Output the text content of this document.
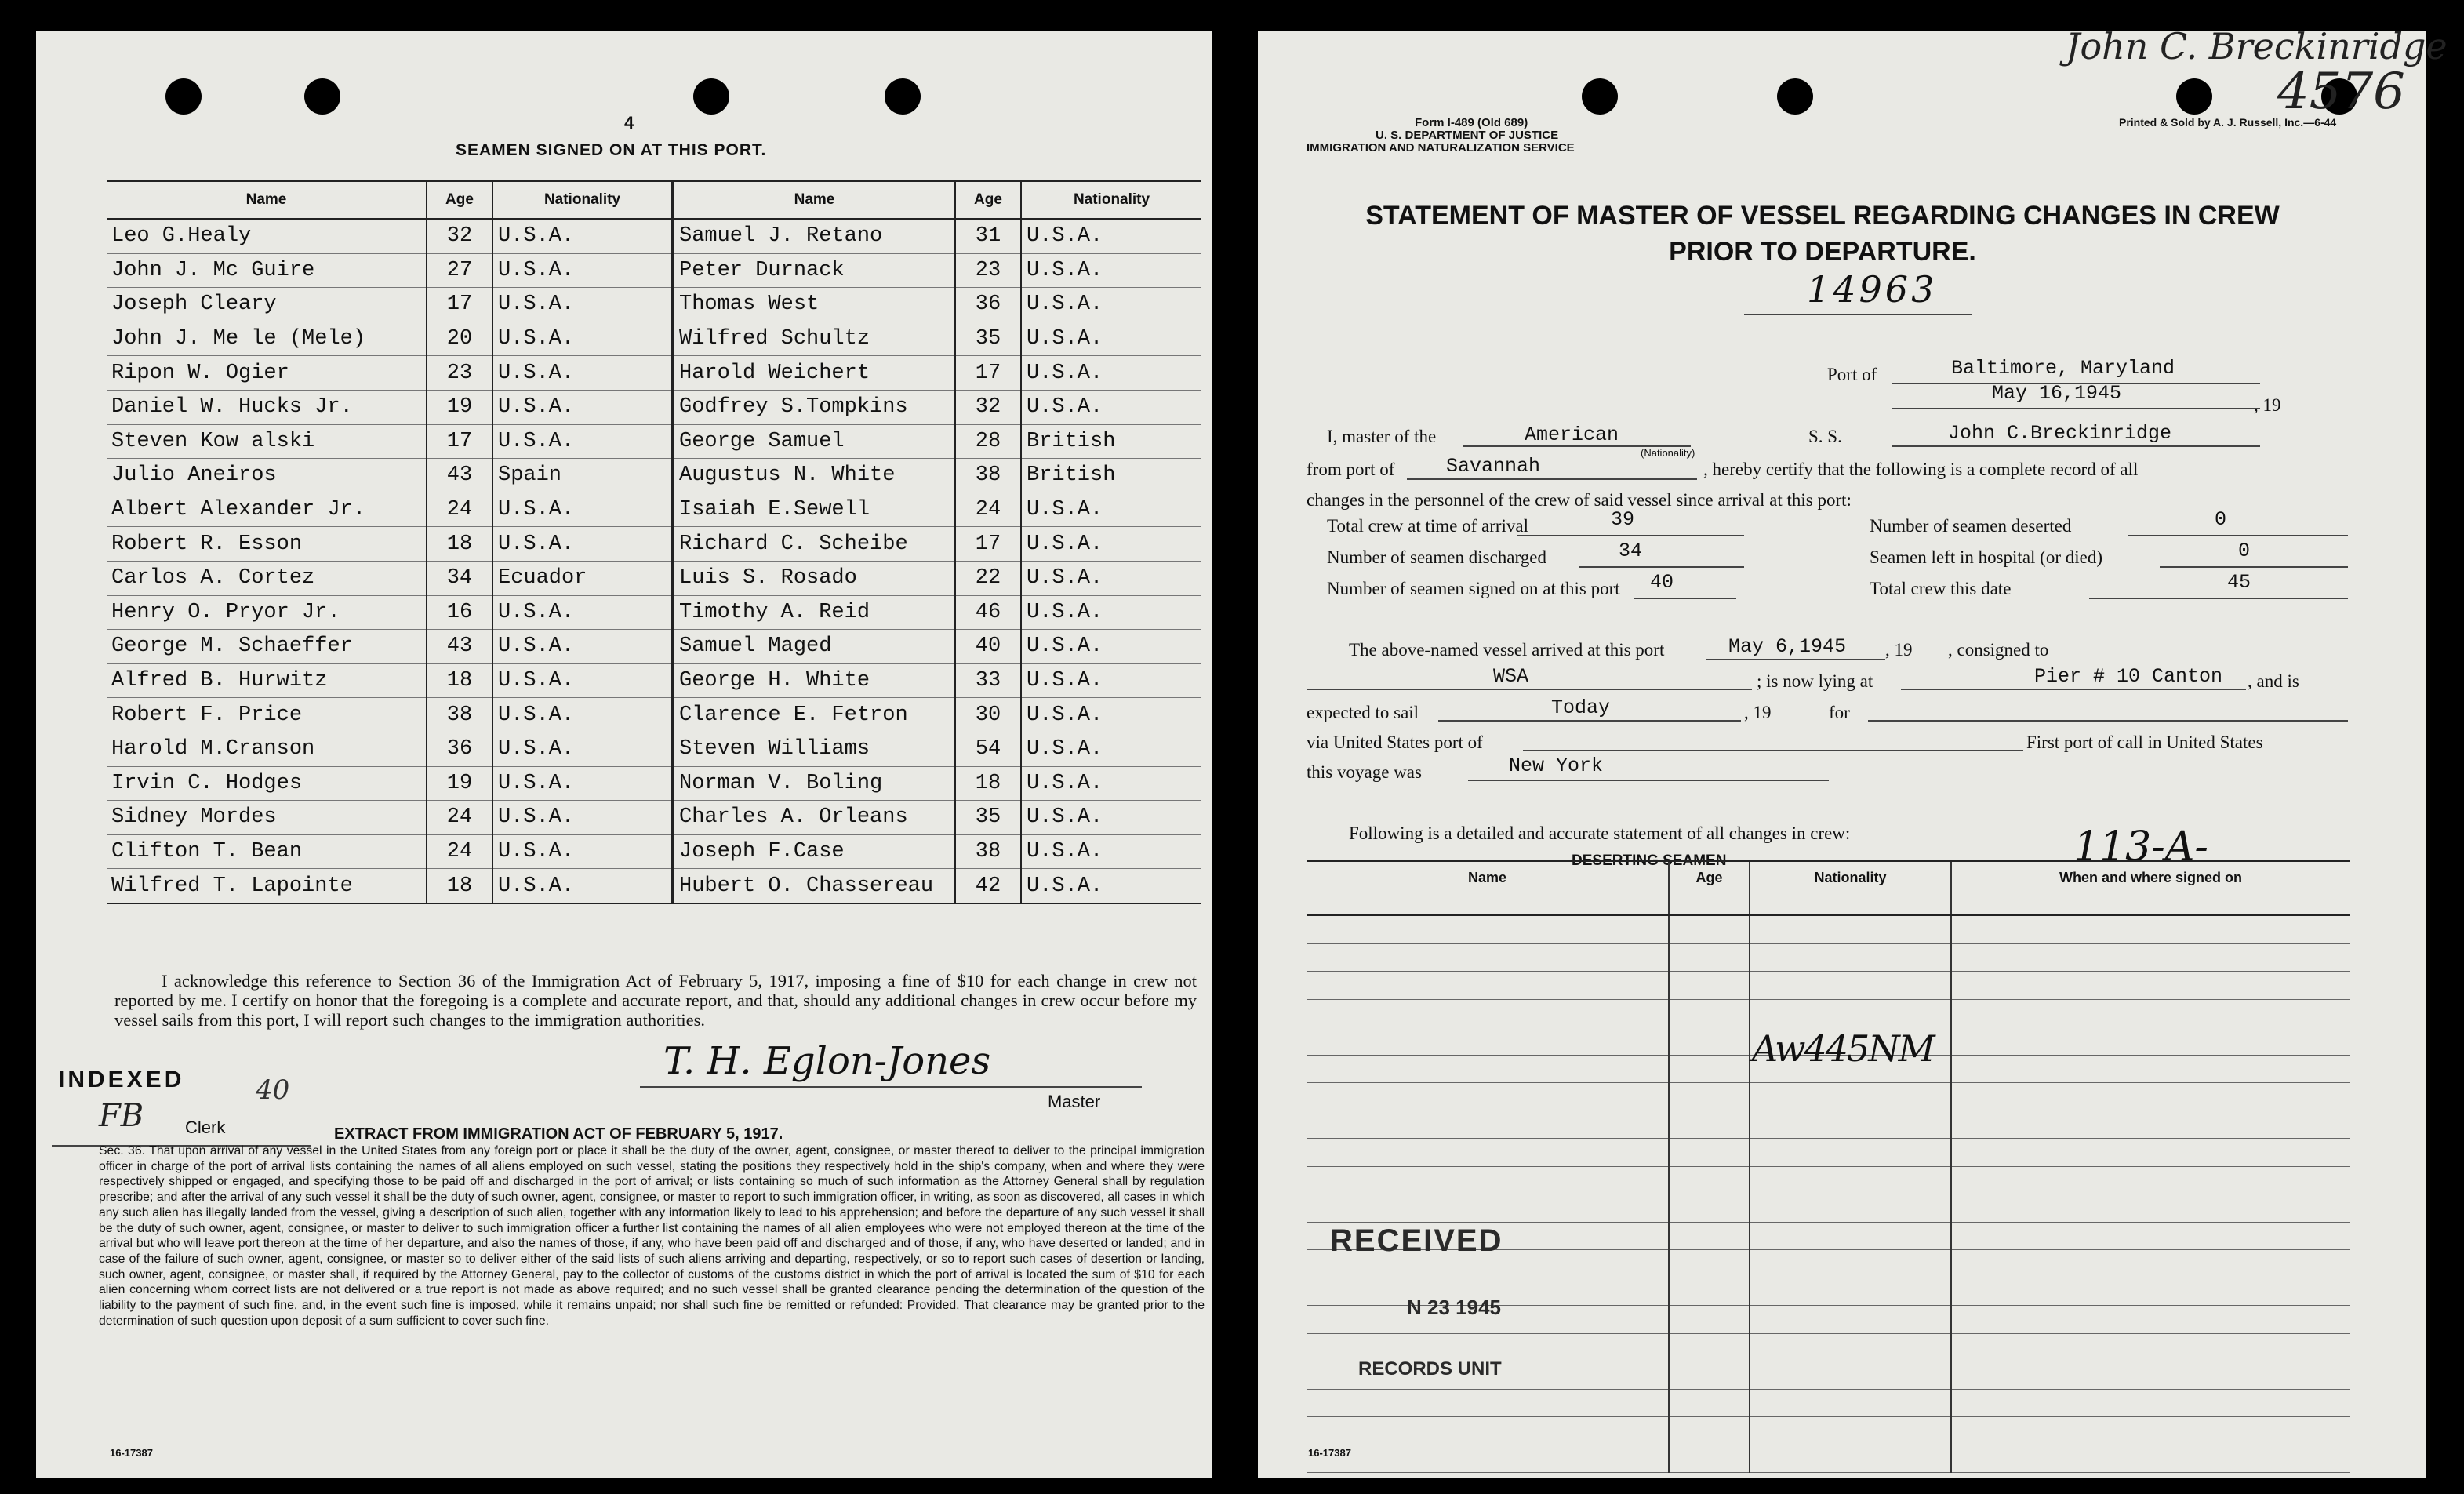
4
SEAMEN SIGNED ON AT THIS PORT.
Name	Age	Nationality	Name	Age	Nationality
Leo G.Healy	32	U.S.A.	Samuel J. Retano	31	U.S.A.
John J. Mc Guire	27	U.S.A.	Peter Durnack	23	U.S.A.
Joseph Cleary	17	U.S.A.	Thomas West	36	U.S.A.
John J. Me le (Mele)	20	U.S.A.	Wilfred Schultz	35	U.S.A.
Ripon W. Ogier	23	U.S.A.	Harold Weichert	17	U.S.A.
Daniel W. Hucks Jr.	19	U.S.A.	Godfrey S.Tompkins	32	U.S.A.
Steven Kow alski	17	U.S.A.	George Samuel	28	British
Julio Aneiros	43	Spain	Augustus N. White	38	British
Albert Alexander Jr.	24	U.S.A.	Isaiah E.Sewell	24	U.S.A.
Robert R. Esson	18	U.S.A.	Richard C. Scheibe	17	U.S.A.
Carlos A. Cortez	34	Ecuador	Luis S. Rosado	22	U.S.A.
Henry O. Pryor Jr.	16	U.S.A.	Timothy A. Reid	46	U.S.A.
George M. Schaeffer	43	U.S.A.	Samuel Maged	40	U.S.A.
Alfred B. Hurwitz	18	U.S.A.	George H. White	33	U.S.A.
Robert F. Price	38	U.S.A.	Clarence E. Fetron	30	U.S.A.
Harold M.Cranson	36	U.S.A.	Steven Williams	54	U.S.A.
Irvin C. Hodges	19	U.S.A.	Norman V. Boling	18	U.S.A.
Sidney Mordes	24	U.S.A.	Charles A. Orleans	35	U.S.A.
Clifton T. Bean	24	U.S.A.	Joseph F.Case	38	U.S.A.
Wilfred T. Lapointe	18	U.S.A.	Hubert O. Chassereau	42	U.S.A.
I acknowledge this reference to Section 36 of the Immigration Act of February 5, 1917, imposing a fine of $10 for each change in crew not reported by me. I certify on honor that the foregoing is a complete and accurate report, and that, should any additional changes in crew occur before my vessel sails from this port, I will report such changes to the immigration authorities.
INDEXED
FB Clerk
40
T. H. Eglon-Jones
Master
EXTRACT FROM IMMIGRATION ACT OF FEBRUARY 5, 1917.
Sec. 36. That upon arrival of any vessel in the United States from any foreign port or place it shall be the duty of the owner, agent, consignee, or master thereof to deliver to the principal immigration officer in charge of the port of arrival lists containing the names of all aliens employed on such vessel, stating the positions they respectively hold in the ship's company, when and where they were respectively shipped or engaged, and specifying those to be paid off and discharged in the port of arrival; or lists containing so much of such information as the Attorney General shall by regulation prescribe; and after the arrival of any such vessel it shall be the duty of such owner, agent, consignee, or master to report to such immigration officer, in writing, as soon as discovered, all cases in which any such alien has illegally landed from the vessel, giving a description of such alien, together with any information likely to lead to his apprehension; and before the departure of any such vessel it shall be the duty of such owner, agent, consignee, or master to deliver to such immigration officer a further list containing the names of all alien employees who were not employed thereon at the time of the arrival but who will leave port thereon at the time of her departure, and also the names of those, if any, who have been paid off and discharged and of those, if any, who have deserted or landed; and in case of the failure of such owner, agent, consignee, or master so to deliver either of the said lists of such aliens arriving and departing, respectively, or so to report such cases of desertion or landing, such owner, agent, consignee, or master shall, if required by the Attorney General, pay to the collector of customs of the customs district in which the port of arrival is located the sum of $10 for each alien concerning whom correct lists are not delivered or a true report is not made as above required; and no such vessel shall be granted clearance pending the determination of the question of the liability to the payment of such fine, and, in the event such fine is imposed, while it remains unpaid; nor shall such fine be remitted or refunded: Provided, That clearance may be granted prior to the determination of such question upon deposit of a sum sufficient to cover such fine.
16-17387
John C. Breckinridge
4576
Form I-489 (Old 689)
U. S. DEPARTMENT OF JUSTICE
IMMIGRATION AND NATURALIZATION SERVICE
Printed & Sold by A. J. Russell, Inc.—6-44
STATEMENT OF MASTER OF VESSEL REGARDING CHANGES IN CREW
PRIOR TO DEPARTURE.
14963
Port of	Baltimore, Maryland
May 16,1945
, 19
I, master of the	American
(Nationality)
S. S.	John C.Breckinridge
from port of	Savannah	, hereby certify that the following is a complete record of all
changes in the personnel of the crew of said vessel since arrival at this port:
Total crew at time of arrival	39
Number of seamen discharged	34
Number of seamen signed on at this port 40
Number of seamen deserted	0
Seamen left in hospital (or died)	0
Total crew this date	45
The above-named vessel arrived at this port	May 6,1945 , 19 , consigned to
WSA	; is now lying at	Pier # 10 Canton , and is
expected to sail	Today	, 19	for
via United States port of	First port of call in United States
this voyage was	New York
Following is a detailed and accurate statement of all changes in crew:	113-A-
DESERTING SEAMEN
Name	Age	Nationality	When and where signed on

Aw445NM
RECEIVED
N 23 1945
RECORDS UNIT
16-17387
